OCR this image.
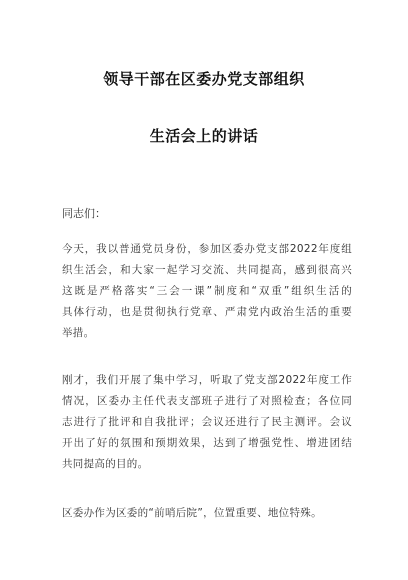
领导干部在区委办党支部组织
生活会上的讲话
同志们：
今天，我以普通党员身份，参加区委办党支部2022年度组
织生活会，和大家一起学习交流、共同提高，感到很高兴
这既是严格落实“三会一课”制度和“双重”组织生活的
具体行动，也是贯彻执行党章、严肃党内政治生活的重要
举措。
刚才，我们开展了集中学习，听取了党支部2022年度工作
情况，区委办主任代表支部班子进行了对照检查；各位同
志进行了批评和自我批评；会议还进行了民主测评。会议
开出了好的氛围和预期效果，达到了增强党性、增进团结
共同提高的目的。
区委办作为区委的“前哨后院”，位置重要、地位特殊。
